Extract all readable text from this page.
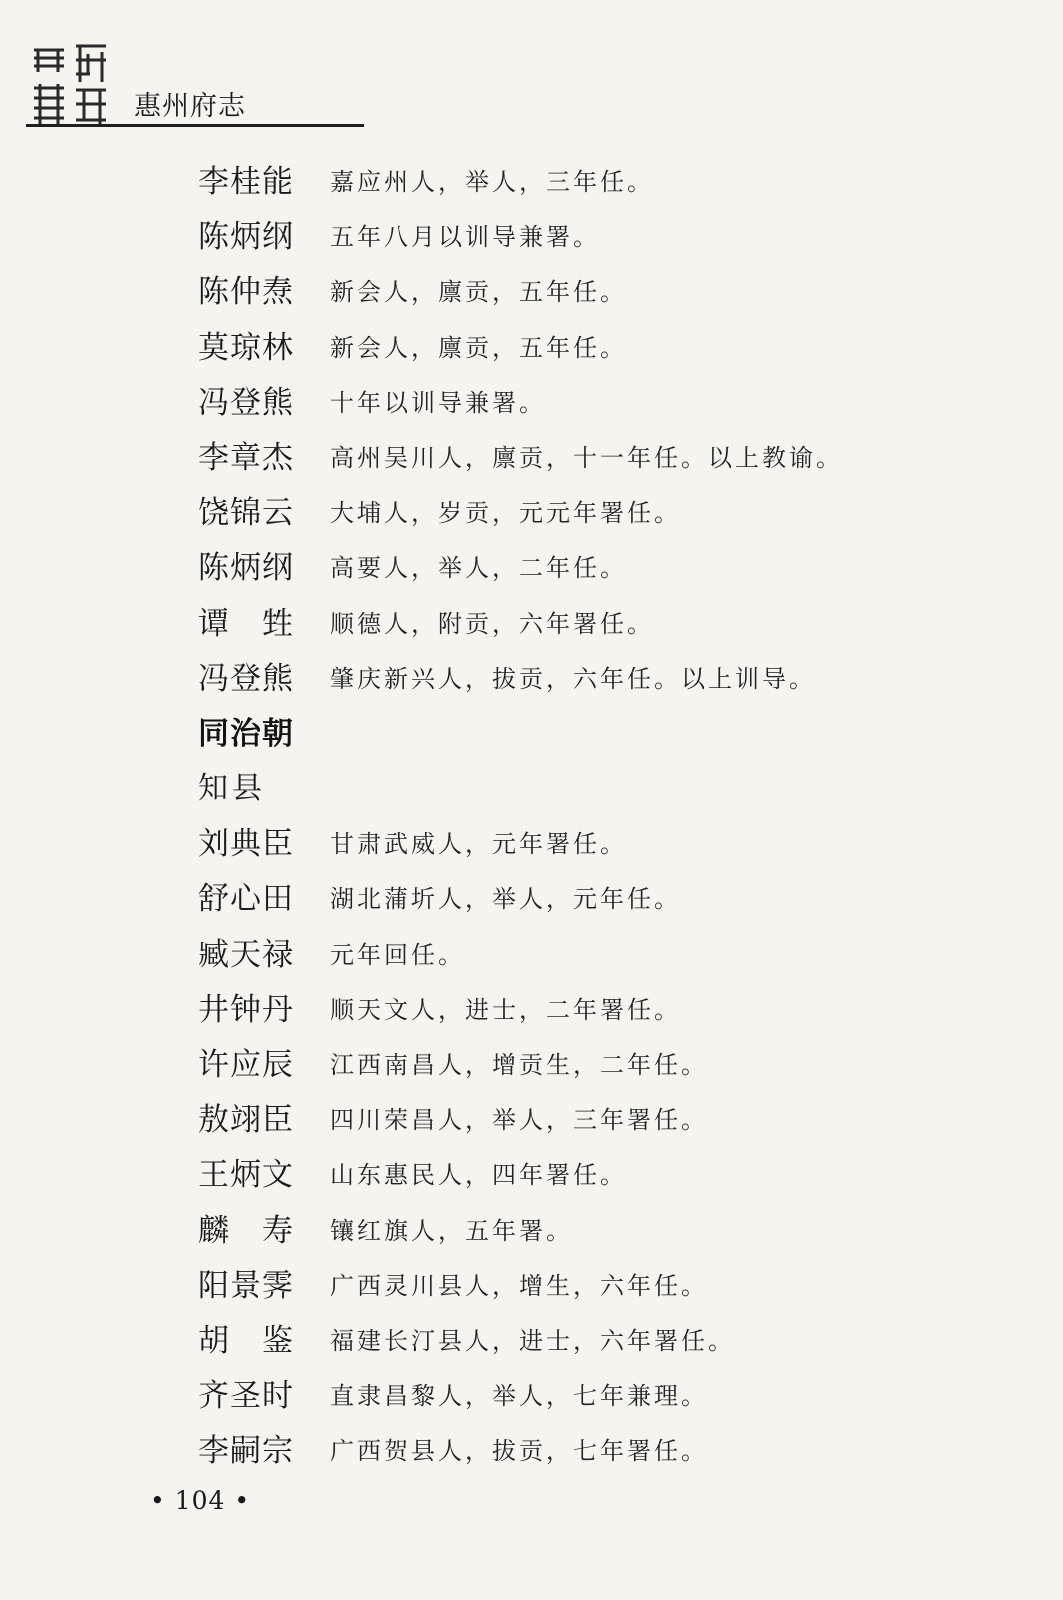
惠州府志
李桂能 嘉应州人，举人，三年任。
陈炳纲 五年八月以训导兼署。
陈仲焘 新会人，廪贡，五年任。
莫琼林 新会人，廪贡，五年任。
冯登熊 十年以训导兼署。
李章杰 高州吴川人，廪贡，十一年任。以上教谕。
饶锦云 大埔人，岁贡，元元年署任。
陈炳纲 高要人，举人，二年任。
谭　甡 顺德人，附贡，六年署任。
冯登熊 肇庆新兴人，拔贡，六年任。以上训导。
同治朝
知县
刘典臣 甘肃武威人，元年署任。
舒心田 湖北蒲圻人，举人，元年任。
臧天禄 元年回任。
井钟丹 顺天文人，进士，二年署任。
许应辰 江西南昌人，增贡生，二年任。
敖翊臣 四川荣昌人，举人，三年署任。
王炳文 山东惠民人，四年署任。
麟　寿 镶红旗人，五年署。
阳景霁 广西灵川县人，增生，六年任。
胡　鉴 福建长汀县人，进士，六年署任。
齐圣时 直隶昌黎人，举人，七年兼理。
李嗣宗 广西贺县人，拔贡，七年署任。
• 104 •
